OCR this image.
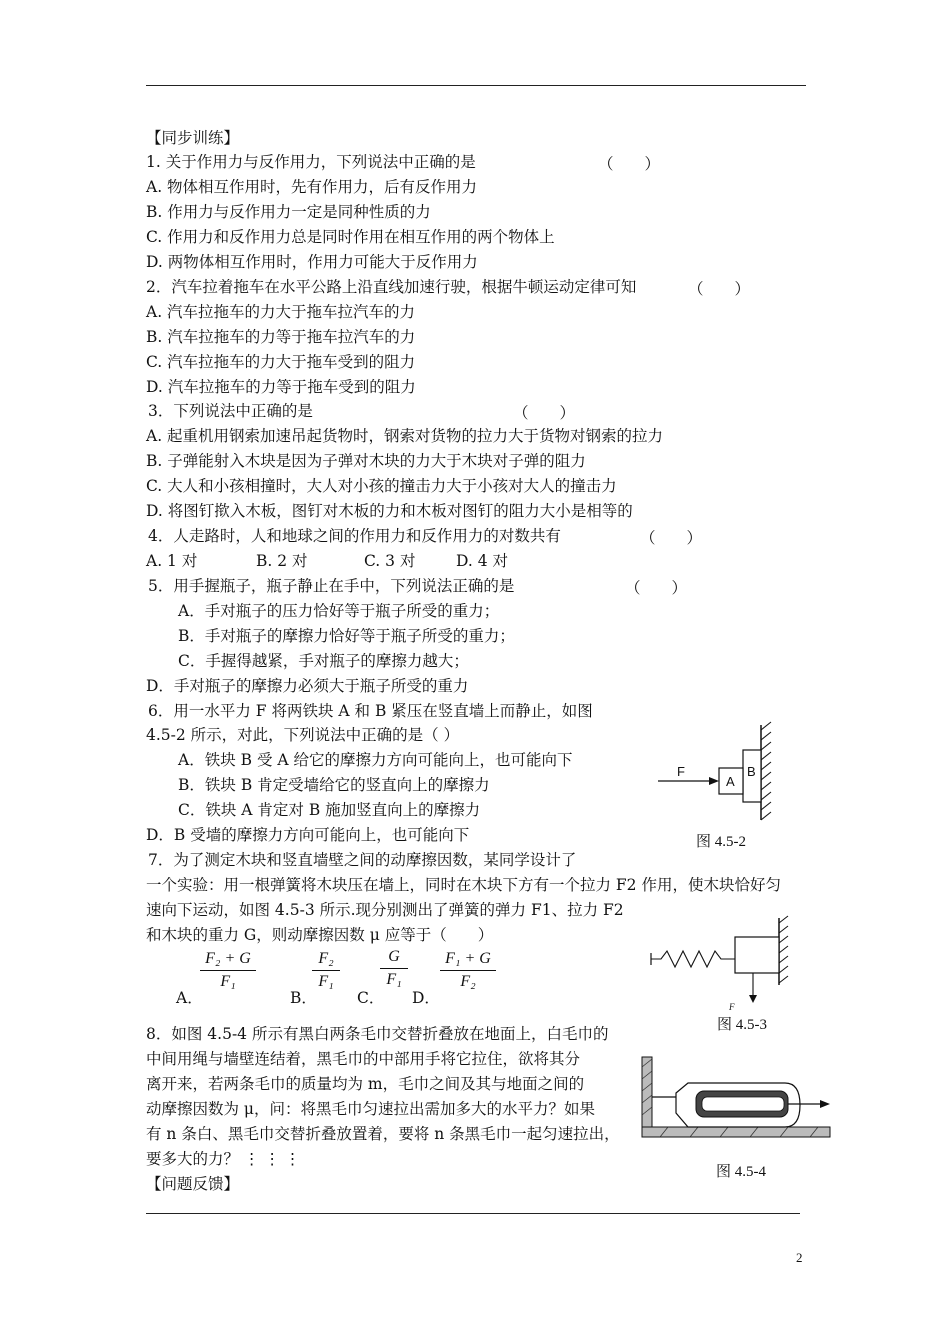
【同步训练】
1. 关于作用力与反作用力，下列说法中正确的是	（　　）
A. 物体相互作用时，先有作用力，后有反作用力
B. 作用力与反作用力一定是同种性质的力
C. 作用力和反作用力总是同时作用在相互作用的两个物体上
D. 两物体相互作用时，作用力可能大于反作用力
2．汽车拉着拖车在水平公路上沿直线加速行驶，根据牛顿运动定律可知	（　　）
A. 汽车拉拖车的力大于拖车拉汽车的力
B. 汽车拉拖车的力等于拖车拉汽车的力
C. 汽车拉拖车的力大于拖车受到的阻力
D. 汽车拉拖车的力等于拖车受到的阻力
3．下列说法中正确的是	（　　）
A. 起重机用钢索加速吊起货物时，钢索对货物的拉力大于货物对钢索的拉力
B. 子弹能射入木块是因为子弹对木块的力大于木块对子弹的阻力
C. 大人和小孩相撞时，大人对小孩的撞击力大于小孩对大人的撞击力
D. 将图钉揿入木板，图钉对木板的力和木板对图钉的阻力大小是相等的
4．人走路时，人和地球之间的作用力和反作用力的对数共有	（　　）
A. 1 对	B. 2 对	C. 3 对	D. 4 对
5．用手握瓶子，瓶子静止在手中，下列说法正确的是	（　　）
A．手对瓶子的压力恰好等于瓶子所受的重力；
B．手对瓶子的摩擦力恰好等于瓶子所受的重力；
C．手握得越紧，手对瓶子的摩擦力越大；
D．手对瓶子的摩擦力必须大于瓶子所受的重力
6．用一水平力 F 将两铁块 A 和 B 紧压在竖直墙上而静止，如图
4.5-2 所示，对此，下列说法中正确的是（ ）
A．铁块 B 受 A 给它的摩擦力方向可能向上，也可能向下
B．铁块 B 肯定受墙给它的竖直向上的摩擦力
C．铁块 A 肯定对 B 施加竖直向上的摩擦力
D．B 受墙的摩擦力方向可能向上，也可能向下
F
A
B
图 4.5-2
7．为了测定木块和竖直墙壁之间的动摩擦因数，某同学设计了
一个实验：用一根弹簧将木块压在墙上，同时在木块下方有一个拉力 F2 作用，使木块恰好匀
速向下运动，如图 4.5-3 所示.现分别测出了弹簧的弹力 F1、拉力 F2
和木块的重力 G，则动摩擦因数 μ 应等于（　　）
A．
F₂ + G
F₁
B．
F₂
F₁
C．
G
F₁
D．
F₁ + G
F₂
F
图 4.5-3
8．如图 4.5-4 所示有黑白两条毛巾交替折叠放在地面上，白毛巾的
中间用绳与墙壁连结着，黑毛巾的中部用手将它拉住，欲将其分
离开来，若两条毛巾的质量均为 m，毛巾之间及其与地面之间的
动摩擦因数为 μ，问：将黑毛巾匀速拉出需加多大的水平力？如果
有 n 条白、黑毛巾交替折叠放置着，要将 n 条黑毛巾一起匀速拉出，
要多大的力？ ⋮ ⋮ ⋮
图 4.5-4
【问题反馈】
2
